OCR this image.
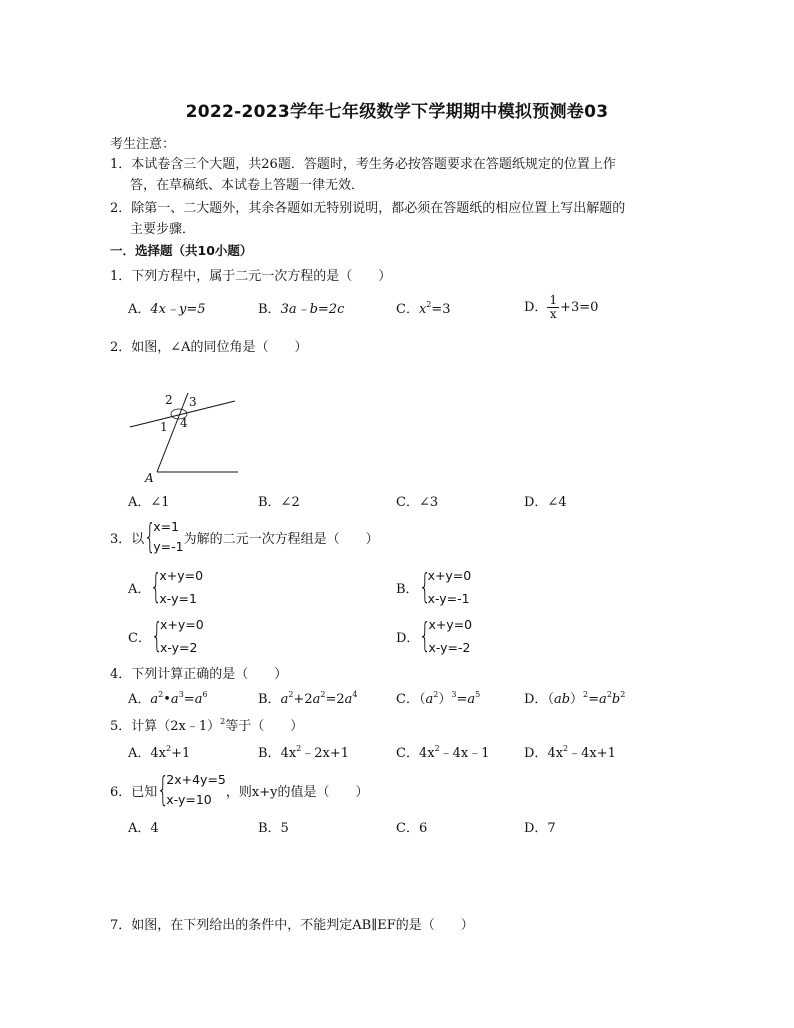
2022-2023学年七年级数学下学期期中模拟预测卷03
考生注意：
1．本试卷含三个大题，共26题．答题时，考生务必按答题要求在答题纸规定的位置上作
答，在草稿纸、本试卷上答题一律无效．
2．除第一、二大题外，其余各题如无特别说明，都必须在答题纸的相应位置上写出解题的
主要步骤．
一．选择题（共10小题）
1．下列方程中，属于二元一次方程的是（　　）
A．4x﹣y=5	B．3a﹣b=2c	C．$x^2=3$	D． $\frac{1}{x} +3=0$
2．如图，∠A的同位角是（　　）
2 3
1 4
A
A．∠1	B．∠2	C．∠3	D．∠4
3．以 {
x=1
y=-1 为解的二元一次方程组是（　　）
A． {
x+y=0
x-y=1
B． {
x+y=0
x-y=-1
C． {
x+y=0
x-y=2
D． {
x+y=0
x-y=-2
4．下列计算正确的是（　　）
A．$a^2•a^3=a^6$	B．$a^2+2a^2=2a^4$	C．$(a^2)^3=a^5$	D．$(ab)^2=a^2b^2$
5．计算（2x﹣1）$^2$等于（　　）
A．$4x^2+1$	B．$4x^2﹣2x+1$	C．$4x^2﹣4x﹣1$	D．$4x^2﹣4x+1$
6．已知 {
2x+4y=5
x-y=10	，则x+y的值是（　　）
A．4	B．5	C．6	D．7
7．如图，在下列给出的条件中，不能判定AB∥EF的是（　　）
